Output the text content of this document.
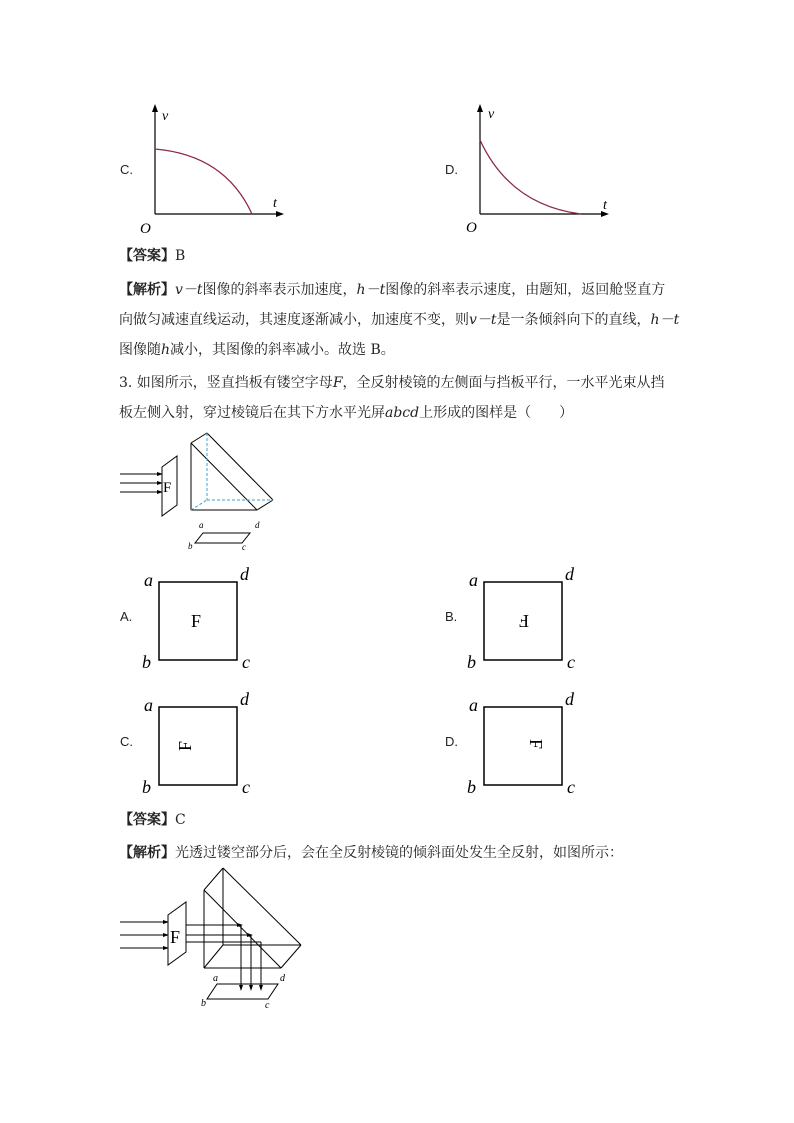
C.
v
t
O
D.
v
t
O
【答案】B
【解析】v－t图像的斜率表示加速度，h－t图像的斜率表示速度，由题知，返回舱竖直方
向做匀减速直线运动，其速度逐渐减小，加速度不变，则v－t是一条倾斜向下的直线，h－t
图像随h减小，其图像的斜率减小。故选 B。
3. 如图所示，竖直挡板有镂空字母F，全反射棱镜的左侧面与挡板平行，一水平光束从挡
板左侧入射，穿过棱镜后在其下方水平光屏abcd上形成的图样是（　　）
F
a	d
b	c
A.	F
a	d
b	c
B.	F
a	d
b	c
C. F
a	d
b	c
D.	F
a	d
b	c
【答案】C
【解析】光透过镂空部分后，会在全反射棱镜的倾斜面处发生全反射，如图所示：
F
a	d
b	c
